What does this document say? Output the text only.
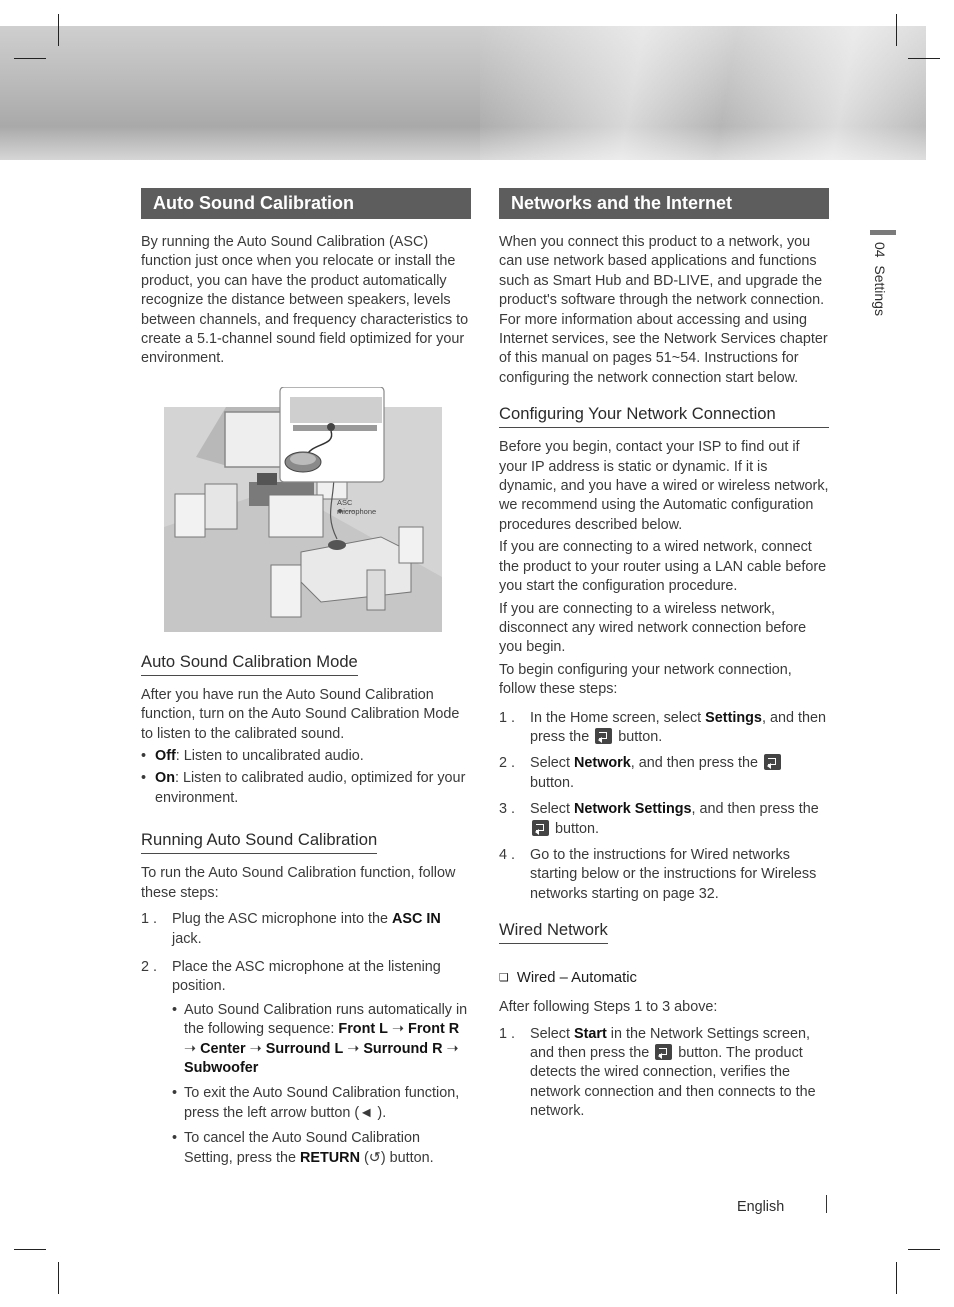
04  Settings
Auto Sound Calibration

By running the Auto Sound Calibration (ASC) function just once when you relocate or install the product, you can have the product automatically recognize the distance between speakers, levels between channels, and frequency characteristics to create a 5.1-channel sound field optimized for your environment.

ASC
microphone
Auto Sound Calibration Mode

After you have run the Auto Sound Calibration function, turn on the Auto Sound Calibration Mode to listen to the calibrated sound.

• Off: Listen to uncalibrated audio.
• On: Listen to calibrated audio, optimized for your environment.
Running Auto Sound Calibration

To run the Auto Sound Calibration function, follow these steps:

1 . Plug the ASC microphone into the ASC IN jack.
2 . Place the ASC microphone at the listening position.
• Auto Sound Calibration runs automatically in the following sequence: Front L ➝ Front R ➝ Center ➝ Surround L ➝ Surround R ➝ Subwoofer
• To exit the Auto Sound Calibration function, press the left arrow button (◄ ).
• To cancel the Auto Sound Calibration Setting, press the RETURN (↺) button.
Networks and the Internet

When you connect this product to a network, you can use network based applications and functions such as Smart Hub and BD-LIVE, and upgrade the product's software through the network connection. For more information about accessing and using Internet services, see the Network Services chapter of this manual on pages 51~54. Instructions for configuring the network connection start below.

Configuring Your Network Connection

Before you begin, contact your ISP to find out if your IP address is static or dynamic. If it is dynamic, and you have a wired or wireless network, we recommend using the Automatic configuration procedures described below.

If you are connecting to a wired network, connect the product to your router using a LAN cable before you start the configuration procedure.

If you are connecting to a wireless network, disconnect any wired network connection before you begin.

To begin configuring your network connection, follow these steps:

1 . In the Home screen, select Settings, and then press the  button.
2 . Select Network, and then press the  button.
3 . Select Network Settings, and then press the  button.
4 . Go to the instructions for Wired networks starting below or the instructions for Wireless networks starting on page 32.
Wired Network
❑ Wired – Automatic

After following Steps 1 to 3 above:

1 . Select Start in the Network Settings screen, and then press the  button. The product detects the wired connection, verifies the network connection and then connects to the network.
English
